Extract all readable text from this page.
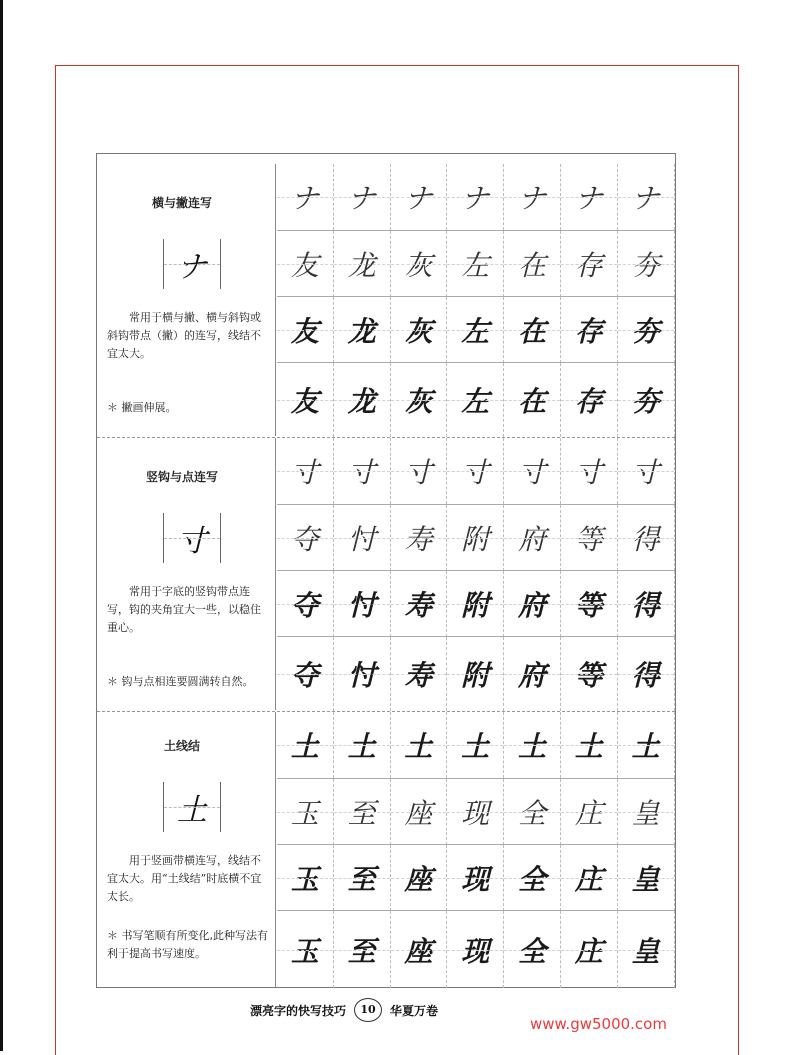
横与撇连写
ナ
常用于横与撇、横与斜钩或斜钩带点（撇）的连写，线结不宜太大。
＊ 撇画伸展。
ナ	ナ	ナ	ナ	ナ	ナ	ナ
友	龙	灰	左	在	存	夯
友	龙	灰	左	在	存	夯
友	龙	灰	左	在	存	夯
竖钩与点连写
寸
常用于字底的竖钩带点连写，钩的夹角宜大一些，以稳住重心。
＊ 钩与点相连要圆满转自然。
寸	寸	寸	寸	寸	寸	寸
夺	忖	寿	附	府	等	得
夺	忖	寿	附	府	等	得
夺	忖	寿	附	府	等	得
土线结
土
用于竖画带横连写，线结不宜太大。用“土线结”时底横不宜太长。
＊ 书写笔顺有所变化,此种写法有利于提高书写速度。
土	土	土	土	土	土	土
玉	至	座	现	全	庄	皇
玉	至	座	现	全	庄	皇
玉	至	座	现	全	庄	皇
漂亮字的快写技巧	10	华夏万卷
www.gw5000.com
